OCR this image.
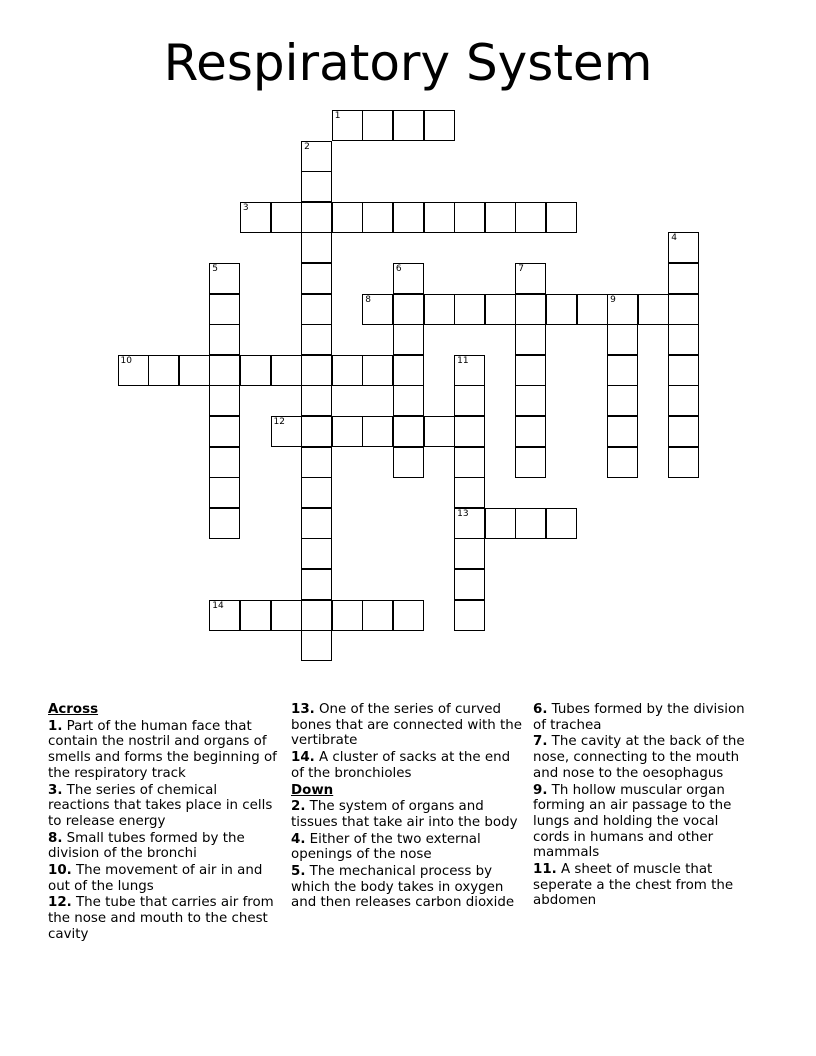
Respiratory System
1
2
3
4
5	6	7
8	9
10	11
13
12
14

Across

1. Part of the human face that contain the nostril and organs of smells and forms the beginning of the respiratory track

3. The series of chemical reactions that takes place in cells to release energy

8. Small tubes formed by the division of the bronchi

10. The movement of air in and out of the lungs

12. The tube that carries air from the nose and mouth to the chest cavity

13. One of the series of curved bones that are connected with the vertibrate

14. A cluster of sacks at the end of the bronchioles

Down

2. The system of organs and tissues that take air into the body

4. Either of the two external openings of the nose

5. The mechanical process by which the body takes in oxygen and then releases carbon dioxide

6. Tubes formed by the division of trachea

7. The cavity at the back of the nose, connecting to the mouth and nose to the oesophagus

9. Th hollow muscular organ forming an air passage to the lungs and holding the vocal cords in humans and other mammals

11. A sheet of muscle that seperate a the chest from the abdomen
